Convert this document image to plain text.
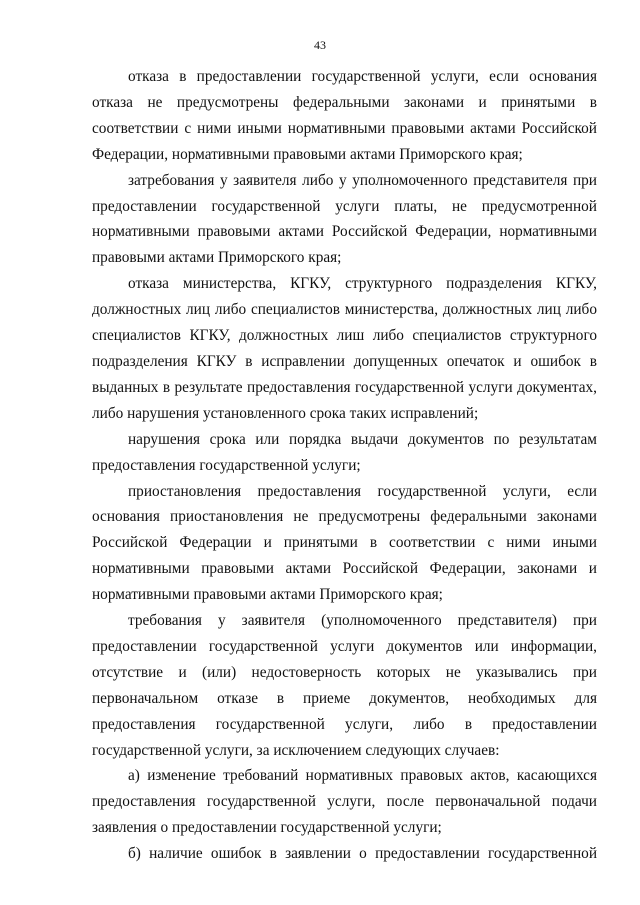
43

отказа в предоставлении государственной услуги, если основания
отказа не предусмотрены федеральными законами и принятыми в
соответствии с ними иными нормативными правовыми актами Российской
Федерации, нормативными правовыми актами Приморского края;

затребования у заявителя либо у уполномоченного представителя при
предоставлении государственной услуги платы, не предусмотренной
нормативными правовыми актами Российской Федерации, нормативными
правовыми актами Приморского края;

отказа министерства, КГКУ, структурного подразделения КГКУ,
должностных лиц либо специалистов министерства, должностных лиц либо
специалистов КГКУ, должностных лиш либо специалистов структурного
подразделения КГКУ в исправлении допущенных опечаток и ошибок в
выданных в результате предоставления государственной услуги документах,
либо нарушения установленного срока таких исправлений;

нарушения срока или порядка выдачи документов по результатам
предоставления государственной услуги;

приостановления предоставления государственной услуги, если
основания приостановления не предусмотрены федеральными законами
Российской Федерации и принятыми в соответствии с ними иными
нормативными правовыми актами Российской Федерации, законами и
нормативными правовыми актами Приморского края;

требования у заявителя (уполномоченного представителя) при
предоставлении государственной услуги документов или информации,
отсутствие и (или) недостоверность которых не указывались при
первоначальном отказе в приеме документов, необходимых для
предоставления государственной услуги, либо в предоставлении
государственной услуги, за исключением следующих случаев:

а) изменение требований нормативных правовых актов, касающихся
предоставления государственной услуги, после первоначальной подачи
заявления о предоставлении государственной услуги;

б) наличие ошибок в заявлении о предоставлении государственной
